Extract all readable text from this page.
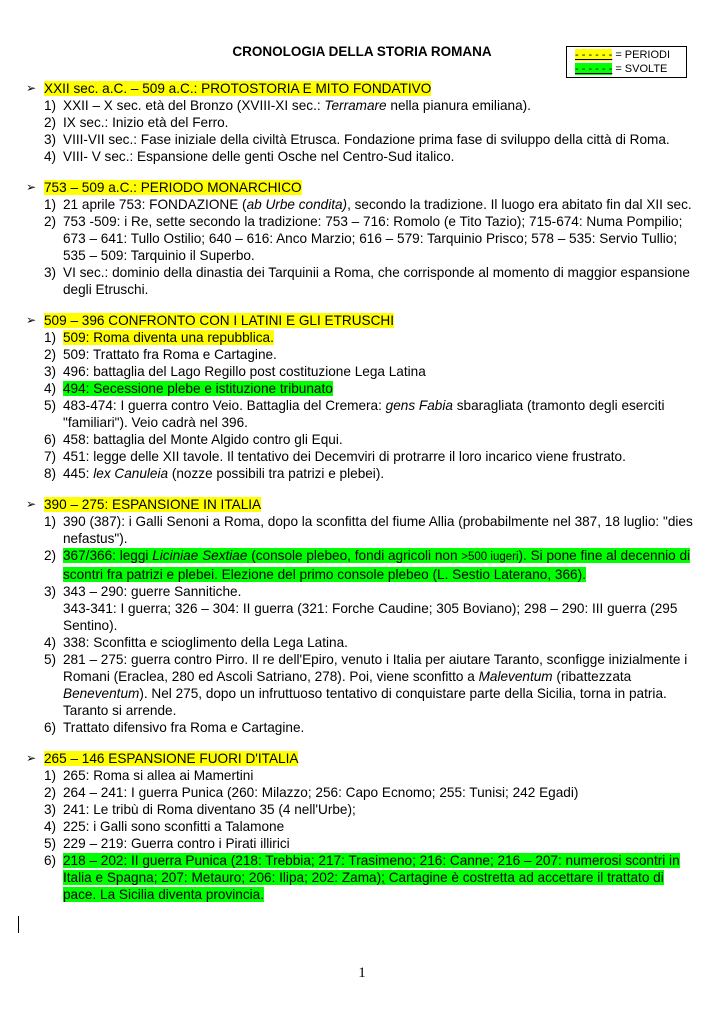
CRONOLOGIA DELLA STORIA ROMANA	- - - - - - = PERIODI
- - - - - - = SVOLTE
➢ XXII sec. a.C. – 509 a.C.: PROTOSTORIA E MITO FONDATIVO
1) XXII – X sec. età del Bronzo (XVIII-XI sec.: Terramare nella pianura emiliana).
2) IX sec.: Inizio età del Ferro.
3) VIII-VII sec.: Fase iniziale della civiltà Etrusca. Fondazione prima fase di sviluppo della città di Roma.
4) VIII- V sec.: Espansione delle genti Osche nel Centro-Sud italico.
➢ 753 – 509 a.C.: PERIODO MONARCHICO
1) 21 aprile 753: FONDAZIONE (ab Urbe condita), secondo la tradizione. Il luogo era abitato fin dal XII sec.
2) 753 -509: i Re, sette secondo la tradizione: 753 – 716: Romolo (e Tito Tazio); 715-674: Numa Pompilio; 673 – 641: Tullo Ostilio; 640 – 616: Anco Marzio; 616 – 579: Tarquinio Prisco; 578 – 535: Servio Tullio; 535 – 509: Tarquinio il Superbo.
3) VI sec.: dominio della dinastia dei Tarquinii a Roma, che corrisponde al momento di maggior espansione degli Etruschi.
➢ 509 – 396 CONFRONTO CON I LATINI E GLI ETRUSCHI
1) 509: Roma diventa una repubblica.
2) 509: Trattato fra Roma e Cartagine.
3) 496: battaglia del Lago Regillo post costituzione Lega Latina
4) 494: Secessione plebe e istituzione tribunato
5) 483-474: I guerra contro Veio. Battaglia del Cremera: gens Fabia sbaragliata (tramonto degli eserciti "familiari"). Veio cadrà nel 396.
6) 458: battaglia del Monte Algido contro gli Equi.
7) 451: legge delle XII tavole. Il tentativo dei Decemviri di protrarre il loro incarico viene frustrato.
8) 445: lex Canuleia (nozze possibili tra patrizi e plebei).
➢ 390 – 275: ESPANSIONE IN ITALIA
1) 390 (387): i Galli Senoni a Roma, dopo la sconfitta del fiume Allia (probabilmente nel 387, 18 luglio: "dies nefastus").
2) 367/366: leggi Liciniae Sextiae (console plebeo, fondi agricoli non >500 iugeri). Si pone fine al decennio di scontri fra patrizi e plebei. Elezione del primo console plebeo (L. Sestio Laterano, 366).
3) 343 – 290: guerre Sannitiche.
343-341: I guerra; 326 – 304: II guerra (321: Forche Caudine; 305 Boviano); 298 – 290: III guerra (295 Sentino).
4) 338: Sconfitta e scioglimento della Lega Latina.
5) 281 – 275: guerra contro Pirro. Il re dell'Epiro, venuto i Italia per aiutare Taranto, sconfigge inizialmente i Romani (Eraclea, 280 ed Ascoli Satriano, 278). Poi, viene sconfitto a Maleventum (ribattezzata Beneventum). Nel 275, dopo un infruttuoso tentativo di conquistare parte della Sicilia, torna in patria. Taranto si arrende.
6) Trattato difensivo fra Roma e Cartagine.
➢ 265 – 146 ESPANSIONE FUORI D'ITALIA
1) 265: Roma si allea ai Mamertini
2) 264 – 241: I guerra Punica (260: Milazzo; 256: Capo Ecnomo; 255: Tunisi; 242 Egadi)
3) 241: Le tribù di Roma diventano 35 (4 nell'Urbe);
4) 225: i Galli sono sconfitti a Talamone
5) 229 – 219: Guerra contro i Pirati illirici
6) 218 – 202: II guerra Punica (218: Trebbia; 217: Trasimeno; 216: Canne; 216 – 207: numerosi scontri in Italia e Spagna; 207: Metauro; 206: Ilipa; 202: Zama); Cartagine è costretta ad accettare il trattato di pace. La Sicilia diventa provincia.
1
